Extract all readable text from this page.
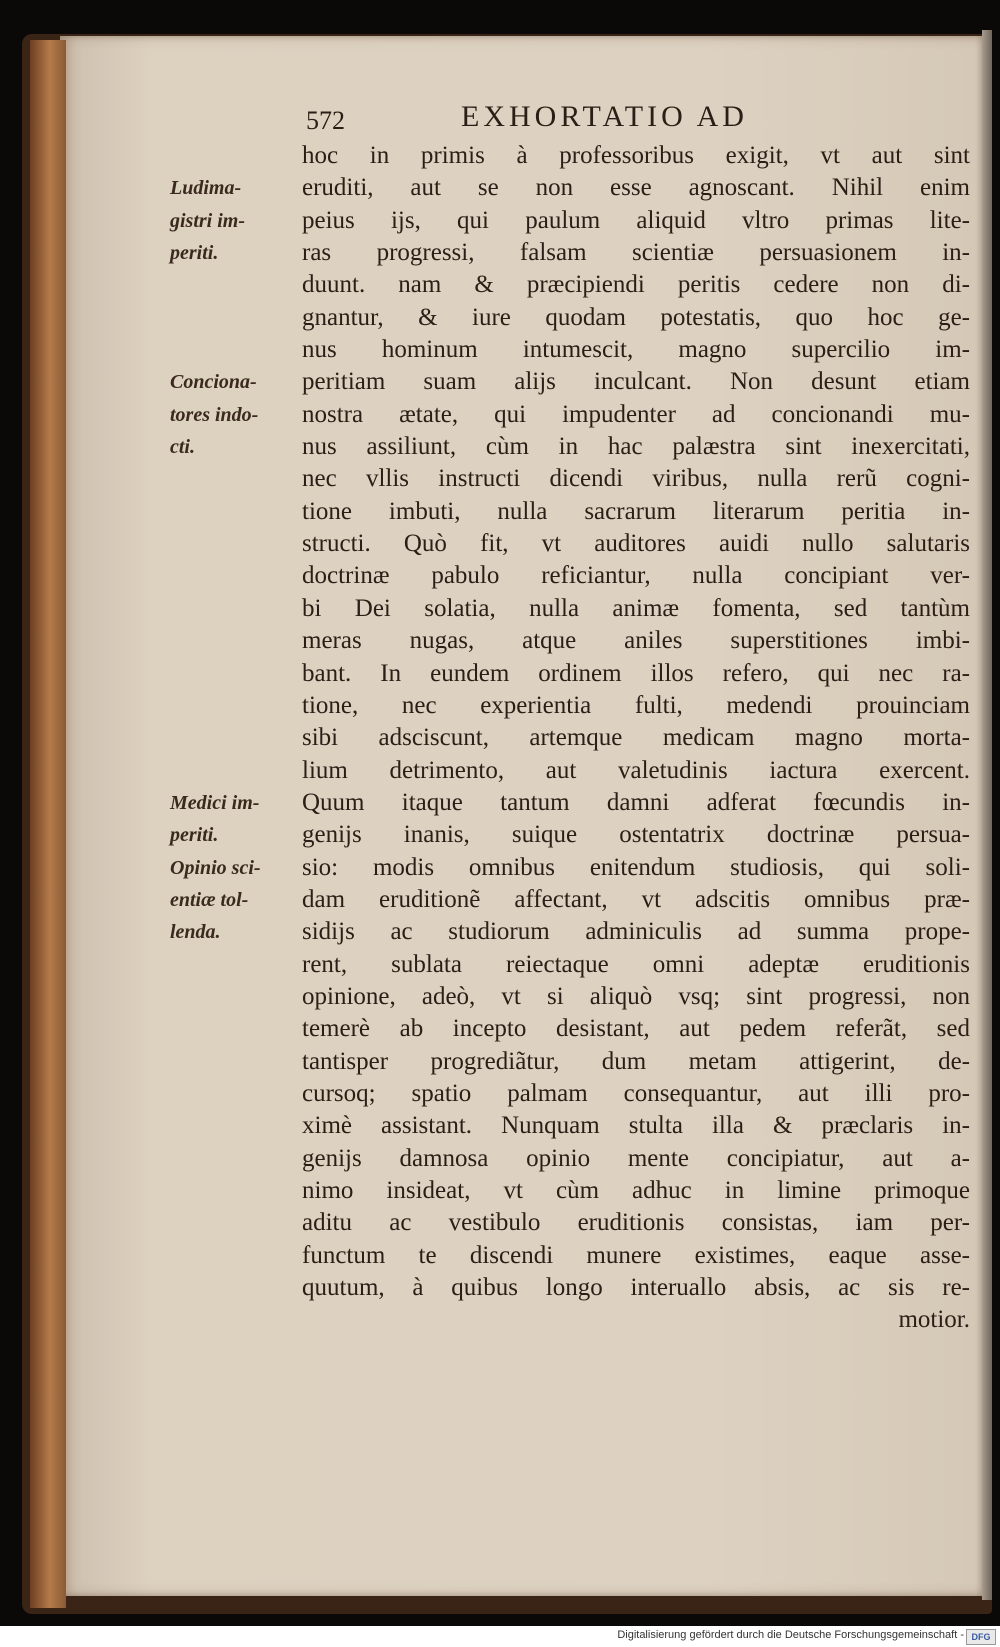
572	EXHORTATIO AD
hoc in primis à professoribus exigit, vt aut sint
eruditi, aut se non esse agnoscant. Nihil enim
peius ijs, qui paulum aliquid vltro primas lite-
ras progressi, falsam scientiæ persuasionem in-
duunt. nam & præcipiendi peritis cedere non di-
gnantur, & iure quodam potestatis, quo hoc ge-
nus hominum intumescit, magno supercilio im-
peritiam suam alijs inculcant. Non desunt etiam
nostra ætate, qui impudenter ad concionandi mu-
nus assiliunt, cùm in hac palæstra sint inexercitati,
nec vllis instructi dicendi viribus, nulla rerũ cogni-
tione imbuti, nulla sacrarum literarum peritia in-
structi. Quò fit, vt auditores auidi nullo salutaris
doctrinæ pabulo reficiantur, nulla concipiant ver-
bi Dei solatia, nulla animæ fomenta, sed tantùm
meras nugas, atque aniles superstitiones imbi-
bant. In eundem ordinem illos refero, qui nec ra-
tione, nec experientia fulti, medendi prouinciam
sibi adsciscunt, artemque medicam magno morta-
lium detrimento, aut valetudinis iactura exercent.
Quum itaque tantum damni adferat fœcundis in-
genijs inanis, suique ostentatrix doctrinæ persua-
sio: modis omnibus enitendum studiosis, qui soli-
dam eruditionẽ affectant, vt adscitis omnibus præ-
sidijs ac studiorum adminiculis ad summa prope-
rent, sublata reiectaque omni adeptæ eruditionis
opinione, adeò, vt si aliquò vsq; sint progressi, non
temerè ab incepto desistant, aut pedem referãt, sed
tantisper progrediãtur, dum metam attigerint, de-
cursoq; spatio palmam consequantur, aut illi pro-
ximè assistant. Nunquam stulta illa & præclaris in-
genijs damnosa opinio mente concipiatur, aut a-
nimo insideat, vt cùm adhuc in limine primoque
aditu ac vestibulo eruditionis consistas, iam per-
functum te discendi munere existimes, eaque asse-
quutum, à quibus longo interuallo absis, ac sis re-
motior.
Ludima-
gistri im-
periti.
Conciona-
tores indo-
cti.
Medici im-
periti.
Opinio sci-
entiæ tol-
lenda.
Digitalisierung gefördert durch die Deutsche Forschungsgemeinschaft - DFG
